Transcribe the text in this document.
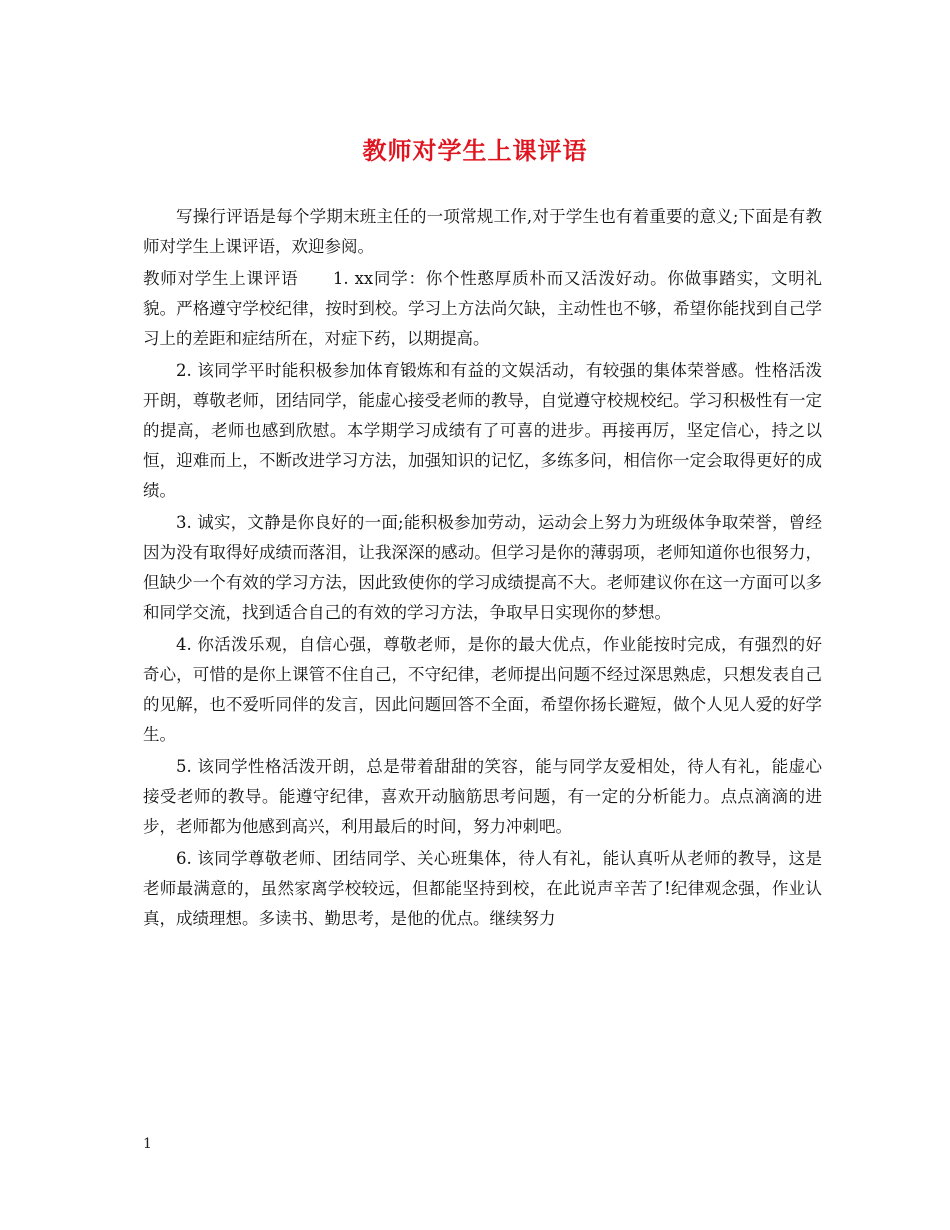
教师对学生上课评语

写操行评语是每个学期末班主任的一项常规工作,对于学生也有着重要的意义;下面是有教师对学生上课评语，欢迎参阅。

教师对学生上课评语　　1. xx同学：你个性憨厚质朴而又活泼好动。你做事踏实，文明礼貌。严格遵守学校纪律，按时到校。学习上方法尚欠缺，主动性也不够，希望你能找到自己学习上的差距和症结所在，对症下药，以期提高。

2. 该同学平时能积极参加体育锻炼和有益的文娱活动，有较强的集体荣誉感。性格活泼开朗，尊敬老师，团结同学，能虚心接受老师的教导，自觉遵守校规校纪。学习积极性有一定的提高，老师也感到欣慰。本学期学习成绩有了可喜的进步。再接再厉，坚定信心，持之以恒，迎难而上，不断改进学习方法，加强知识的记忆，多练多问，相信你一定会取得更好的成绩。

3. 诚实，文静是你良好的一面;能积极参加劳动，运动会上努力为班级体争取荣誉，曾经因为没有取得好成绩而落泪，让我深深的感动。但学习是你的薄弱项，老师知道你也很努力，但缺少一个有效的学习方法，因此致使你的学习成绩提高不大。老师建议你在这一方面可以多和同学交流，找到适合自己的有效的学习方法，争取早日实现你的梦想。

4. 你活泼乐观，自信心强，尊敬老师，是你的最大优点，作业能按时完成，有强烈的好奇心，可惜的是你上课管不住自己，不守纪律，老师提出问题不经过深思熟虑，只想发表自己的见解，也不爱听同伴的发言，因此问题回答不全面，希望你扬长避短，做个人见人爱的好学生。

5. 该同学性格活泼开朗，总是带着甜甜的笑容，能与同学友爱相处，待人有礼，能虚心接受老师的教导。能遵守纪律，喜欢开动脑筋思考问题，有一定的分析能力。点点滴滴的进步，老师都为他感到高兴，利用最后的时间，努力冲刺吧。

6. 该同学尊敬老师、团结同学、关心班集体，待人有礼，能认真听从老师的教导，这是老师最满意的，虽然家离学校较远，但都能坚持到校，在此说声辛苦了!纪律观念强，作业认真，成绩理想。多读书、勤思考，是他的优点。继续努力

1
